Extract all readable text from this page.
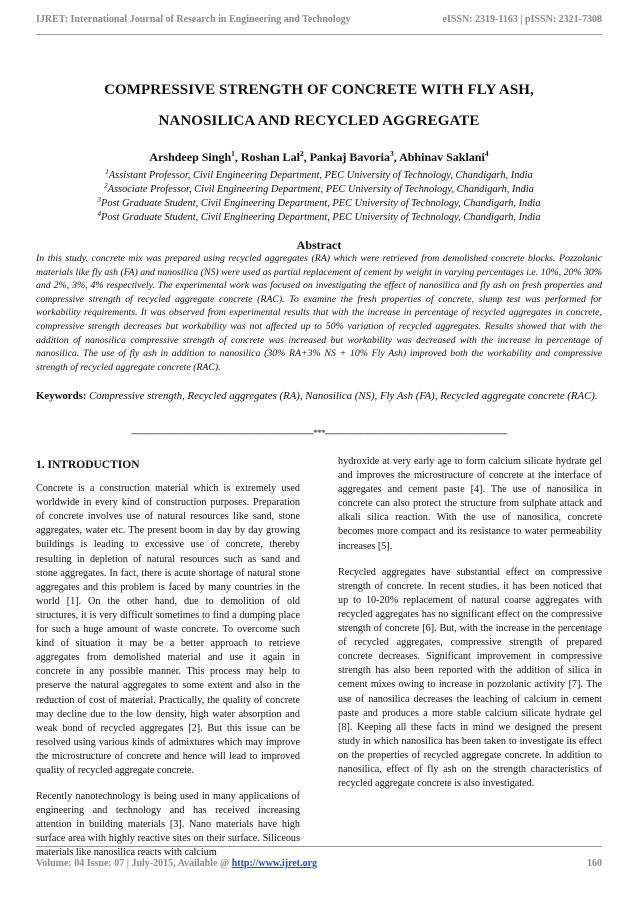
IJRET: International Journal of Research in Engineering and Technology	eISSN: 2319-1163 | pISSN: 2321-7308
COMPRESSIVE STRENGTH OF CONCRETE WITH FLY ASH,
NANOSILICA AND RECYCLED AGGREGATE
Arshdeep Singh$^1$, Roshan Lal$^2$, Pankaj Bavoria$^3$, Abhinav Saklani$^4$
$^1$Assistant Professor, Civil Engineering Department, PEC University of Technology, Chandigarh, India
$^2$Associate Professor, Civil Engineering Department, PEC University of Technology, Chandigarh, India
$^3$Post Graduate Student, Civil Engineering Department, PEC University of Technology, Chandigarh, India
$^4$Post Graduate Student, Civil Engineering Department, PEC University of Technology, Chandigarh, India
Abstract
In this study, concrete mix was prepared using recycled aggregates (RA) which were retrieved from demolished concrete blocks. Pozzolanic materials like fly ash (FA) and nanosilica (NS) were used as partial replacement of cement by weight in varying percentages i.e. 10%, 20% 30% and 2%, 3%, 4% respectively. The experimental work was focused on investigating the effect of nanosilica and fly ash on fresh properties and compressive strength of recycled aggregate concrete (RAC). To examine the fresh properties of concrete, slump test was performed for workability requirements. It was observed from experimental results that with the increase in percentage of recycled aggregates in concrete, compressive strength decreases but workability was not affected up to 50% variation of recycled aggregates. Results showed that with the addition of nanosilica compressive strength of concrete was increased but workability was decreased with the increase in percentage of nanosilica. The use of fly ash in addition to nanosilica (30% RA+3% NS + 10% Fly Ash) improved both the workability and compressive strength of recycled aggregate concrete (RAC).
Keywords: Compressive strength, Recycled aggregates (RA), Nanosilica (NS), Fly Ash (FA), Recycled aggregate concrete (RAC).
----------------------------------------------------------------------------***----------------------------------------------------------------------------
1. INTRODUCTION

Concrete is a construction material which is extremely used worldwide in every kind of construction purposes. Preparation of concrete involves use of natural resources like sand, stone aggregates, water etc. The present boom in day by day growing buildings is leading to excessive use of concrete, thereby resulting in depletion of natural resources such as sand and stone aggregates. In fact, there is acute shortage of natural stone aggregates and this problem is faced by many countries in the world [1]. On the other hand, due to demolition of old structures, it is very difficult sometimes to find a dumping place for such a huge amount of waste concrete. To overcome such kind of situation it may be a better approach to retrieve aggregates from demolished material and use it again in concrete in any possible manner. This process may help to preserve the natural aggregates to some extent and also in the reduction of cost of material. Practically, the quality of concrete may decline due to the low density, high water absorption and weak bond of recycled aggregates [2]. But this issue can be resolved using various kinds of admixtures which may improve the microstructure of concrete and hence will lead to improved quality of recycled aggregate concrete.

Recently nanotechnology is being used in many applications of engineering and technology and has received increasing attention in building materials [3]. Nano materials have high surface area with highly reactive sites on their surface. Siliceous materials like nanosilica reacts with calcium

hydroxide at very early age to form calcium silicate hydrate gel and improves the microstructure of concrete at the interface of aggregates and cement paste [4]. The use of nanosilica in concrete can also protect the structure from sulphate attack and alkali silica reaction. With the use of nanosilica, concrete becomes more compact and its resistance to water permeability increases [5].

Recycled aggregates have substantial effect on compressive strength of concrete. In recent studies, it has been noticed that up to 10-20% replacement of natural coarse aggregates with recycled aggregates has no significant effect on the compressive strength of concrete [6]. But, with the increase in the percentage of recycled aggregates, compressive strength of prepared concrete decreases. Significant improvement in compressive strength has also been reported with the addition of silica in cement mixes owing to increase in pozzolanic activity [7]. The use of nanosilica decreases the leaching of calcium in cement paste and produces a more stable calcium silicate hydrate gel [8]. Keeping all these facts in mind we designed the present study in which nanosilica has been taken to investigate its effect on the properties of recycled aggregate concrete. In addition to nanosilica, effect of fly ash on the strength characteristics of recycled aggregate concrete is also investigated.

Volume: 04 Issue: 07 | July-2015, Available @ http://www.ijret.org	160
